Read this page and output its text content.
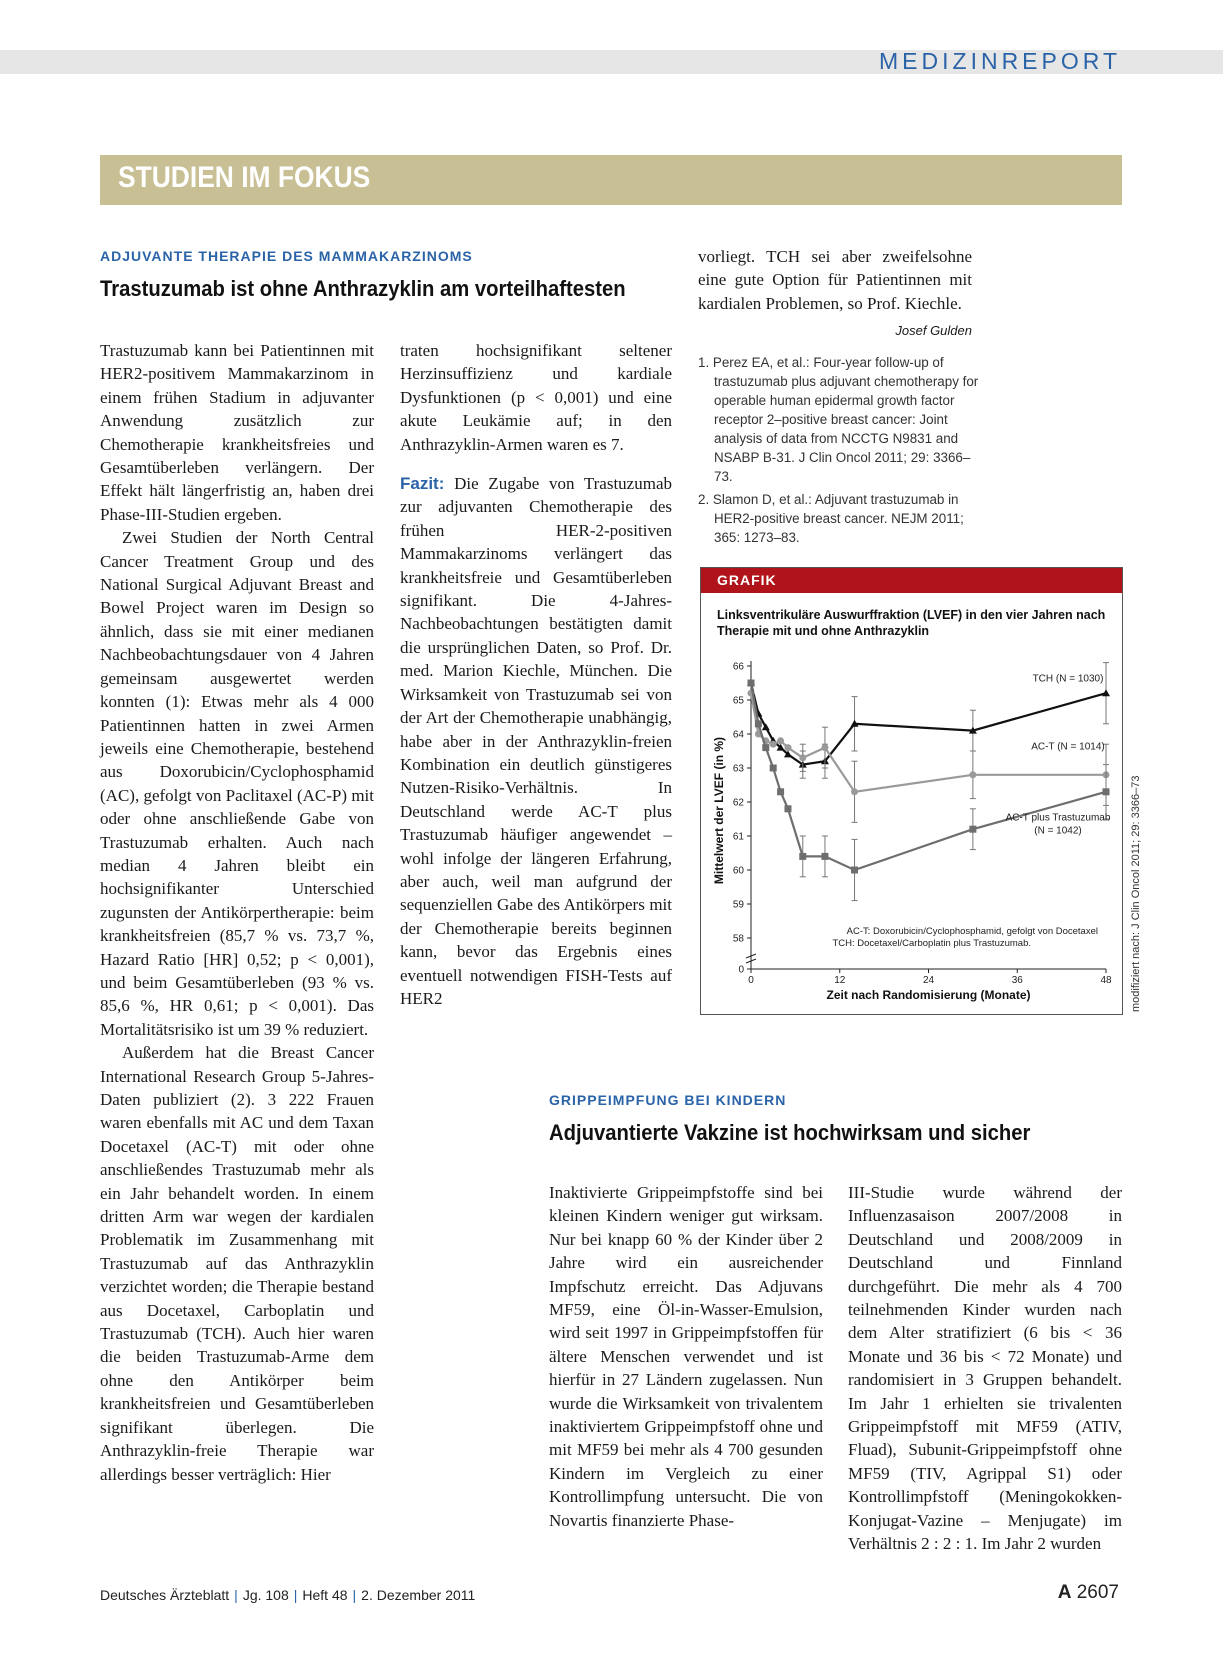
MEDIZINREPORT
STUDIEN IM FOKUS
ADJUVANTE THERAPIE DES MAMMAKARZINOMS
Trastuzumab ist ohne Anthrazyklin am vorteilhaftesten

Trastuzumab kann bei Patientinnen mit HER2-positivem Mammakarzinom in einem frühen Stadium in adjuvanter Anwendung zusätzlich zur Chemotherapie krankheitsfreies und Gesamtüberleben verlängern. Der Effekt hält längerfristig an, haben drei Phase-III-Studien ergeben.

Zwei Studien der North Central Cancer Treatment Group und des National Surgical Adjuvant Breast and Bowel Project waren im Design so ähnlich, dass sie mit einer medianen Nachbeobachtungsdauer von 4 Jahren gemeinsam ausgewertet werden konnten (1): Etwas mehr als 4 000 Patientinnen hatten in zwei Armen jeweils eine Chemotherapie, bestehend aus Doxorubicin/Cyclophosphamid (AC), gefolgt von Paclitaxel (AC-P) mit oder ohne anschließende Gabe von Trastuzumab erhalten. Auch nach median 4 Jahren bleibt ein hochsignifikanter Unterschied zugunsten der Antikörpertherapie: beim krankheitsfreien (85,7 % vs. 73,7 %, Hazard Ratio [HR] 0,52; p < 0,001), und beim Gesamtüberleben (93 % vs. 85,6 %, HR 0,61; p < 0,001). Das Mortalitätsrisiko ist um 39 % reduziert.

Außerdem hat die Breast Cancer International Research Group 5-Jahres-Daten publiziert (2). 3 222 Frauen waren ebenfalls mit AC und dem Taxan Docetaxel (AC-T) mit oder ohne anschließendes Trastuzumab mehr als ein Jahr behandelt worden. In einem dritten Arm war wegen der kardialen Problematik im Zusammenhang mit Trastuzumab auf das Anthrazyklin verzichtet worden; die Therapie bestand aus Docetaxel, Carboplatin und Trastuzumab (TCH). Auch hier waren die beiden Trastuzumab-Arme dem ohne den Antikörper beim krankheitsfreien und Gesamtüberleben signifikant überlegen. Die Anthrazyklin-freie Therapie war allerdings besser verträglich: Hier

traten hochsignifikant seltener Herzinsuffizienz und kardiale Dysfunktionen (p < 0,001) und eine akute Leukämie auf; in den Anthrazyklin-Armen waren es 7.

Fazit: Die Zugabe von Trastuzumab zur adjuvanten Chemotherapie des frühen HER-2-positiven Mammakarzinoms verlängert das krankheitsfreie und Gesamtüberleben signifikant. Die 4-Jahres-Nachbeobachtungen bestätigten damit die ursprünglichen Daten, so Prof. Dr. med. Marion Kiechle, München. Die Wirksamkeit von Trastuzumab sei von der Art der Chemotherapie unabhängig, habe aber in der Anthrazyklin-freien Kombination ein deutlich günstigeres Nutzen-Risiko-Verhältnis. In Deutschland werde AC-T plus Trastuzumab häufiger angewendet – wohl infolge der längeren Erfahrung, aber auch, weil man aufgrund der sequenziellen Gabe des Antikörpers mit der Chemotherapie bereits beginnen kann, bevor das Ergebnis eines eventuell notwendigen FISH-Tests auf HER2

vorliegt. TCH sei aber zweifelsohne eine gute Option für Patientinnen mit kardialen Problemen, so Prof. Kiechle.

Josef Gulden
1. Perez EA, et al.: Four-year follow-up of trastuzumab plus adjuvant chemotherapy for operable human epidermal growth factor receptor 2–positive breast cancer: Joint analysis of data from NCCTG N9831 and NSABP B-31. J Clin Oncol 2011; 29: 3366–73.
2. Slamon D, et al.: Adjuvant trastuzumab in HER2-positive breast cancer. NEJM 2011; 365: 1273–83.
GRAFIK
Linksventrikuläre Auswurffraktion (LVEF) in den vier Jahren nach Therapie mit und ohne Anthrazyklin
0
58
59
60
61
62
63
64
65
66
0	12	24	36	48
Zeit nach Randomisierung (Monate)
Mittelwert der LVEF (in %)
TCH (N = 1030)
AC-T (N = 1014)
AC-T plus Trastuzumab
(N = 1042)
AC-T: Doxorubicin/Cyclophosphamid, gefolgt von Docetaxel
TCH: Docetaxel/Carboplatin plus Trastuzumab.	modifiziert nach: J Clin Oncol 2011; 29: 3366–73
GRIPPEIMPFUNG BEI KINDERN
Adjuvantierte Vakzine ist hochwirksam und sicher

Inaktivierte Grippeimpfstoffe sind bei kleinen Kindern weniger gut wirksam. Nur bei knapp 60 % der Kinder über 2 Jahre wird ein ausreichender Impfschutz erreicht. Das Adjuvans MF59, eine Öl-in-Wasser-Emulsion, wird seit 1997 in Grippeimpfstoffen für ältere Menschen verwendet und ist hierfür in 27 Ländern zugelassen. Nun wurde die Wirksamkeit von trivalentem inaktiviertem Grippeimpfstoff ohne und mit MF59 bei mehr als 4 700 gesunden Kindern im Vergleich zu einer Kontrollimpfung untersucht. Die von Novartis finanzierte Phase-

III-Studie wurde während der Influenzasaison 2007/2008 in Deutschland und 2008/2009 in Deutschland und Finnland durchgeführt. Die mehr als 4 700 teilnehmenden Kinder wurden nach dem Alter stratifiziert (6 bis < 36 Monate und 36 bis < 72 Monate) und randomisiert in 3 Gruppen behandelt. Im Jahr 1 erhielten sie trivalenten Grippeimpfstoff mit MF59 (ATIV, Fluad), Subunit-Grippeimpfstoff ohne MF59 (TIV, Agrippal S1) oder Kontrollimpfstoff (Meningokokken-Konjugat-Vazine – Menjugate) im Verhältnis 2 : 2 : 1. Im Jahr 2 wurden

Deutsches Ärzteblatt | Jg. 108 | Heft 48 | 2. Dezember 2011	A 2607
